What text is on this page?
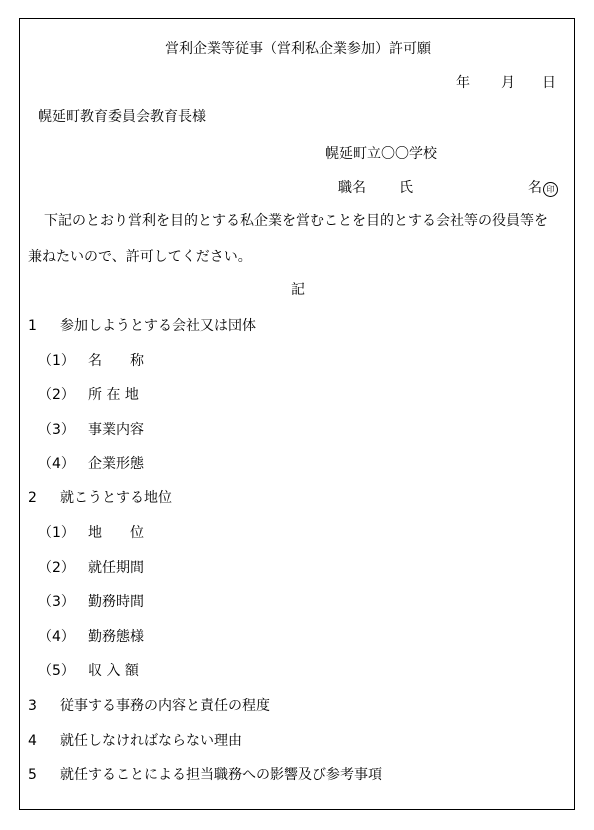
営利企業等従事（営利私企業参加）許可願
年 月 日
幌延町教育委員会教育長様
幌延町立〇〇学校
職名 氏	名 印
下記のとおり営利を目的とする私企業を営むことを目的とする会社等の役員等を
兼ねたいので、許可してください。
記
1 参加しようとする会社又は団体
（1） 名　　称
（2） 所 在 地
（3） 事業内容
（4） 企業形態
2 就こうとする地位
（1） 地　　位
（2） 就任期間
（3） 勤務時間
（4） 勤務態様
（5） 収 入 額
3 従事する事務の内容と責任の程度
4 就任しなければならない理由
5 就任することによる担当職務への影響及び参考事項
